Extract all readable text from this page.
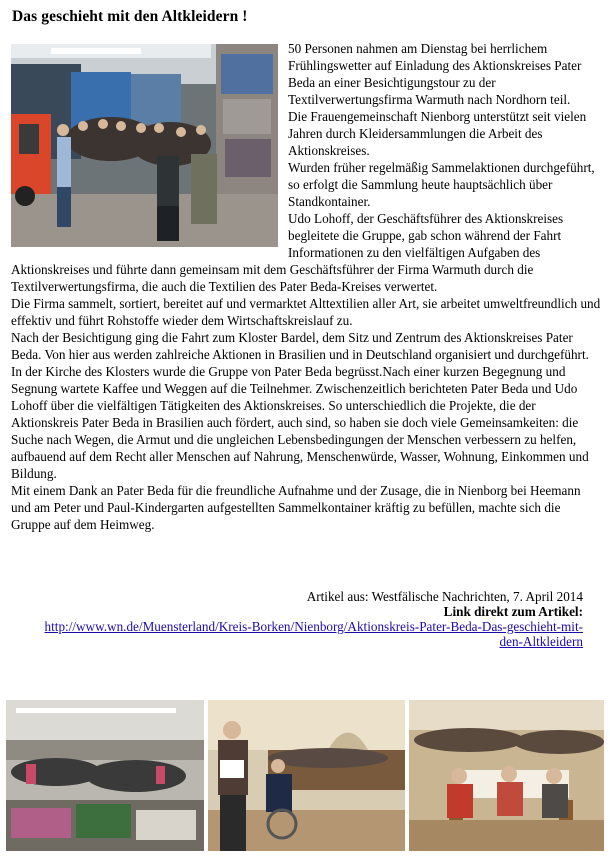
Das geschieht mit den Altkleidern !

50 Personen nahmen am Dienstag bei herrlichem Frühlingswetter auf Einladung des Aktionskreises Pater Beda an einer Besichtigungstour zu der Textilverwertungsfirma Warmuth nach Nordhorn teil.

Die Frauengemeinschaft Nienborg unterstützt seit vielen Jahren durch Kleidersammlungen die Arbeit des Aktionskreises.

Wurden früher regelmäßig Sammelaktionen durchgeführt, so erfolgt die Sammlung heute hauptsächlich über Standkontainer.

Udo Lohoff, der Geschäftsführer des Aktionskreises begleitete die Gruppe, gab schon während der Fahrt Informationen zu den vielfältigen Aufgaben des Aktionskreises und führte dann gemeinsam mit dem Geschäftsführer der Firma Warmuth durch die Textilverwertungsfirma, die auch die Textilien des Pater Beda-Kreises verwertet.

Die Firma sammelt, sortiert, bereitet auf und vermarktet Alttextilien aller Art, sie arbeitet umweltfreundlich und effektiv und führt Rohstoffe wieder dem Wirtschaftskreislauf zu.

Nach der Besichtigung ging die Fahrt zum Kloster Bardel, dem Sitz und Zentrum des Aktionskreises Pater Beda. Von hier aus werden zahlreiche Aktionen in Brasilien und in Deutschland organisiert und durchgeführt.

In der Kirche des Klosters wurde die Gruppe von Pater Beda begrüsst.Nach einer kurzen Begegnung und Segnung wartete Kaffee und Weggen auf die Teilnehmer. Zwischenzeitlich berichteten Pater Beda und Udo Lohoff über die vielfältigen Tätigkeiten des Aktionskreises. So unterschiedlich die Projekte, die der Aktionskreis Pater Beda in Brasilien auch fördert, auch sind, so haben sie doch viele Gemeinsamkeiten: die Suche nach Wegen, die Armut und die ungleichen Lebensbedingungen der Menschen verbessern zu helfen, aufbauend auf dem Recht aller Menschen auf Nahrung, Menschenwürde, Wasser, Wohnung, Einkommen und Bildung.

Mit einem Dank an Pater Beda für die freundliche Aufnahme und der Zusage, die in Nienborg bei Heemann und am Peter und Paul-Kindergarten aufgestellten Sammelkontainer kräftig zu befüllen, machte sich die Gruppe auf dem Heimweg.

Artikel aus: Westfälische Nachrichten, 7. April 2014
Link direkt zum Artikel:
http://www.wn.de/Muensterland/Kreis-Borken/Nienborg/Aktionskreis-Pater-Beda-Das-geschieht-mit-den-Altkleidern
